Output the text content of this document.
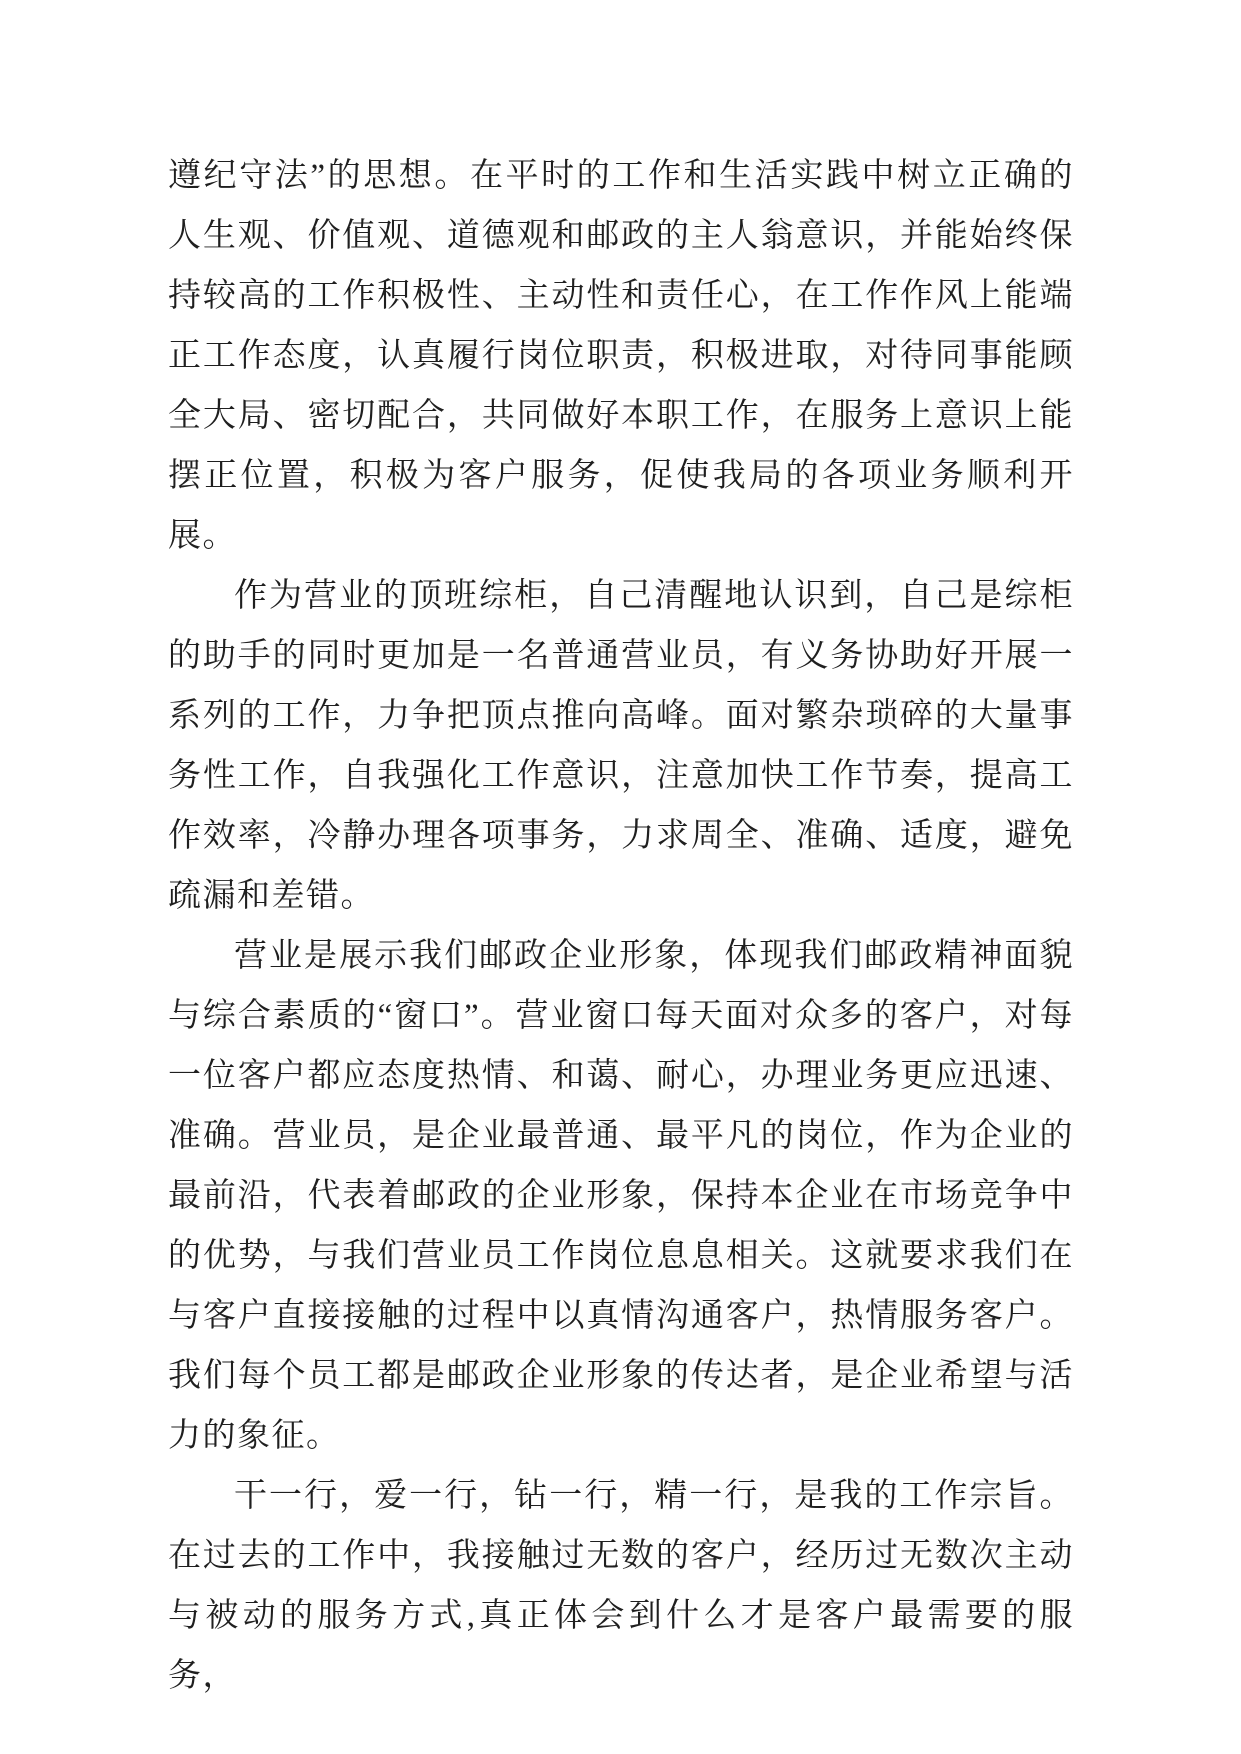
遵纪守法”的思想。在平时的工作和生活实践中树立正确的人生观、价值观、道德观和邮政的主人翁意识，并能始终保持较高的工作积极性、主动性和责任心，在工作作风上能端正工作态度，认真履行岗位职责，积极进取，对待同事能顾全大局、密切配合，共同做好本职工作，在服务上意识上能摆正位置，积极为客户服务，促使我局的各项业务顺利开展。

作为营业的顶班综柜，自己清醒地认识到，自己是综柜的助手的同时更加是一名普通营业员，有义务协助好开展一系列的工作，力争把顶点推向高峰。面对繁杂琐碎的大量事务性工作，自我强化工作意识，注意加快工作节奏，提高工作效率，冷静办理各项事务，力求周全、准确、适度，避免疏漏和差错。

营业是展示我们邮政企业形象，体现我们邮政精神面貌与综合素质的“窗口”。营业窗口每天面对众多的客户，对每一位客户都应态度热情、和蔼、耐心，办理业务更应迅速、准确。营业员，是企业最普通、最平凡的岗位，作为企业的最前沿，代表着邮政的企业形象，保持本企业在市场竞争中的优势，与我们营业员工作岗位息息相关。这就要求我们在与客户直接接触的过程中以真情沟通客户，热情服务客户。我们每个员工都是邮政企业形象的传达者，是企业希望与活力的象征。

干一行，爱一行，钻一行，精一行，是我的工作宗旨。在过去的工作中，我接触过无数的客户，经历过无数次主动与被动的服务方式,真正体会到什么才是客户最需要的服务，
